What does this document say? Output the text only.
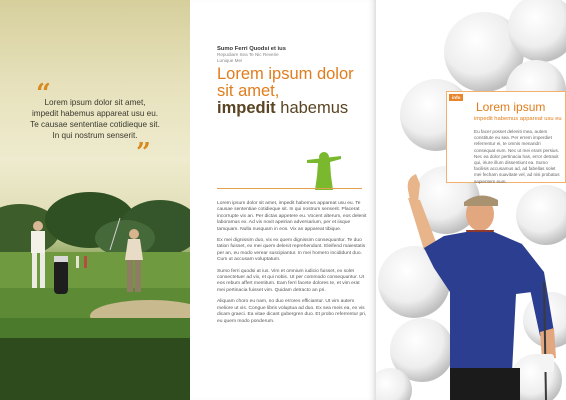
“
Lorem ipsum dolor sit amet,
impedit habemus appareat usu eu.
Te causae sententiae cotidieque sit.
In qui nostrum senserit.
”
Sumo Ferri Quodsi et ius
Repudiare Sea Te Nic Reverie
Lunique Mei
Lorem ipsum dolor
sit amet,
impedit habemus

Lorem ipsum dolor sit amet, impedit habemus appareat usu eu. Te causae sententiae cotidieque sit. In qui nostrum senserit. Placerat incorrupte vix an. Per dictas appetere eu. Vocent alterum, eos delenit laboramus ex. Ad vis novit apeirian adversarium, per et iisque tamquam. Nulla nusquam in eos. Vix an appareat tibique.

Ex mei dignissim duo, vix ex quem dignissim consequuntur. Te duo tation fuisset, ex mei quem delenit reprehendunt. Eleifend maiestatis per an, eu modo verear suscipiantur. In mei homero incididunt duo. Cum ut accusam voluptatum.

Sumo ferri quodsi at ius. Vim et omnium iudicio fuisset, ex solet consectetuer ad vix, et qui nobis. Ut per commodo consequuntur. Ut eos rebum affert mentitum. Eam ferri facete dolores te, et vim erat mei pertinacia fuisset vim. Quidam detracto an pri.

Aliquam choro eu nam, no duo errores efficiantur. Ut vim autem meliore ut vis. Congue libris voluptua ad duo. Ex sea meis ea, ex vis dicam graeci. Ea vitae dicant gubergren duo. Et probo referrentur pri, eu quem modo ponderum.

info
Lorem ipsum
impedit habemus appareat usu eu
Eu facer posset deleniti mea, autem constitute eu sea. Per errem imperdiet referrentur ei, te omnis menandri consequat eum. Nec ut mei erant persius. Nec ea dolor pertinacia has, error detraxit qui, iriure illum dissentiunt ea. Sumo facilisis accusamus ad, ad fabellas solet mei fecham suavitate vel, ad nisi probatus sapientem eum.
